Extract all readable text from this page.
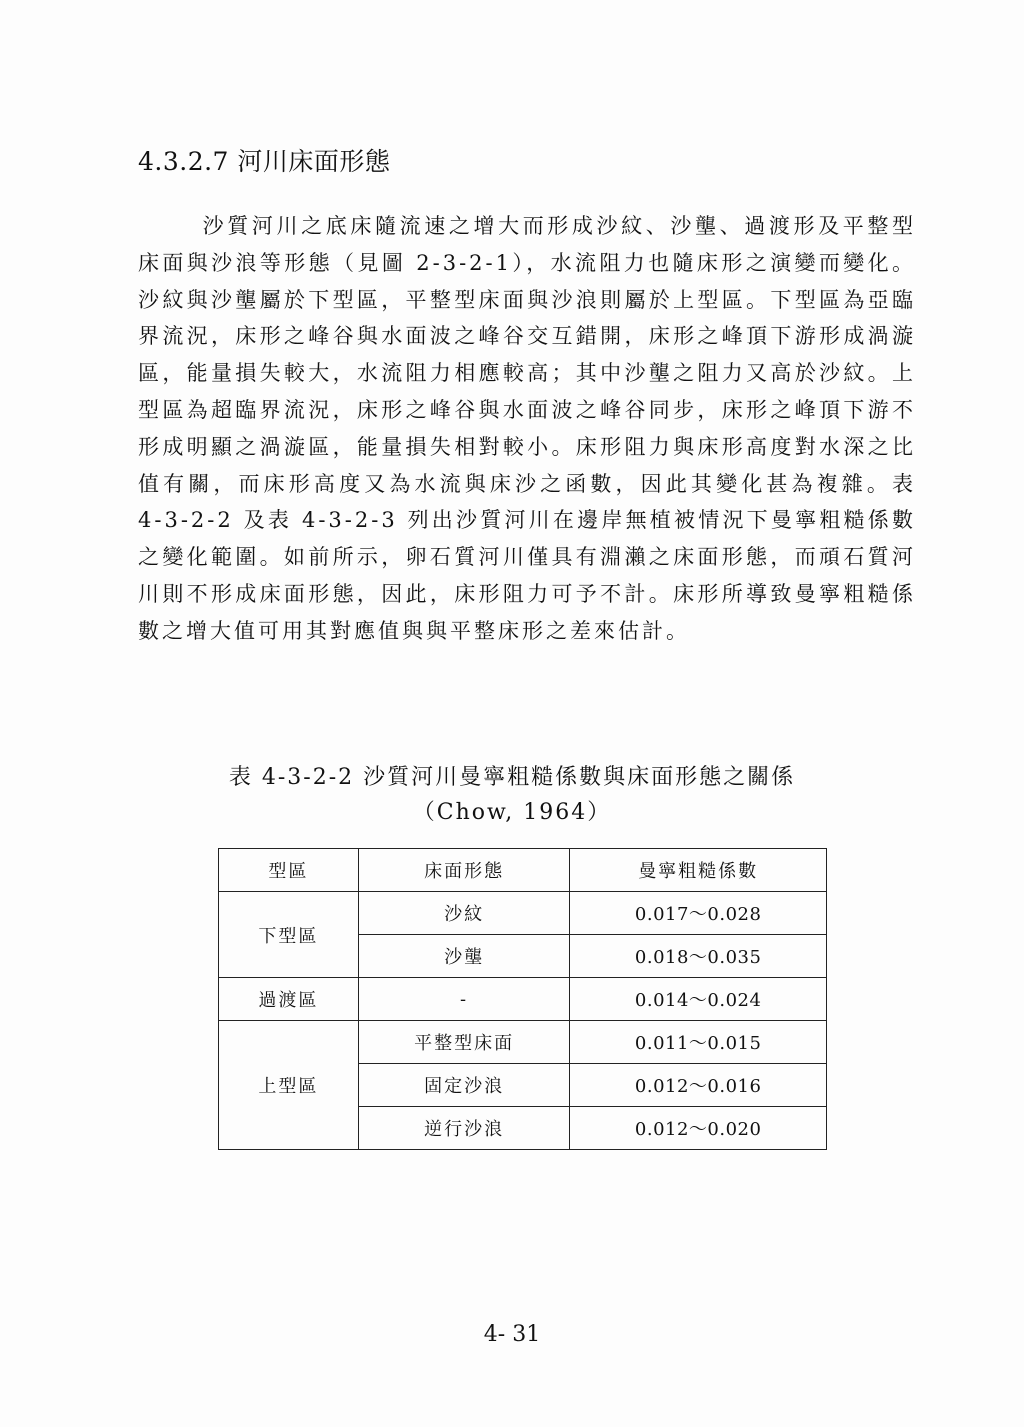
4.3.2.7 河川床面形態
沙質河川之底床隨流速之增大而形成沙紋、沙壟、過渡形及平整型床面與沙浪等形態（見圖 2-3-2-1），水流阻力也隨床形之演變而變化。沙紋與沙壟屬於下型區，平整型床面與沙浪則屬於上型區。下型區為亞臨界流況，床形之峰谷與水面波之峰谷交互錯開，床形之峰頂下游形成渦漩區，能量損失較大，水流阻力相應較高；其中沙壟之阻力又高於沙紋。上型區為超臨界流況，床形之峰谷與水面波之峰谷同步，床形之峰頂下游不形成明顯之渦漩區，能量損失相對較小。床形阻力與床形高度對水深之比值有關，而床形高度又為水流與床沙之函數，因此其變化甚為複雜。表 4-3-2-2 及表 4-3-2-3 列出沙質河川在邊岸無植被情況下曼寧粗糙係數之變化範圍。如前所示，卵石質河川僅具有淵瀨之床面形態，而頑石質河川則不形成床面形態，因此，床形阻力可予不計。床形所導致曼寧粗糙係數之增大值可用其對應值與與平整床形之差來估計。
表 4-3-2-2 沙質河川曼寧粗糙係數與床面形態之關係
（Chow, 1964）
型區	床面形態	曼寧粗糙係數
下型區	沙紋	0.017～0.028
	沙壟	0.018～0.035
過渡區	-	0.014～0.024
上型區	平整型床面	0.011～0.015
	固定沙浪	0.012～0.016
	逆行沙浪	0.012～0.020
4- 31
